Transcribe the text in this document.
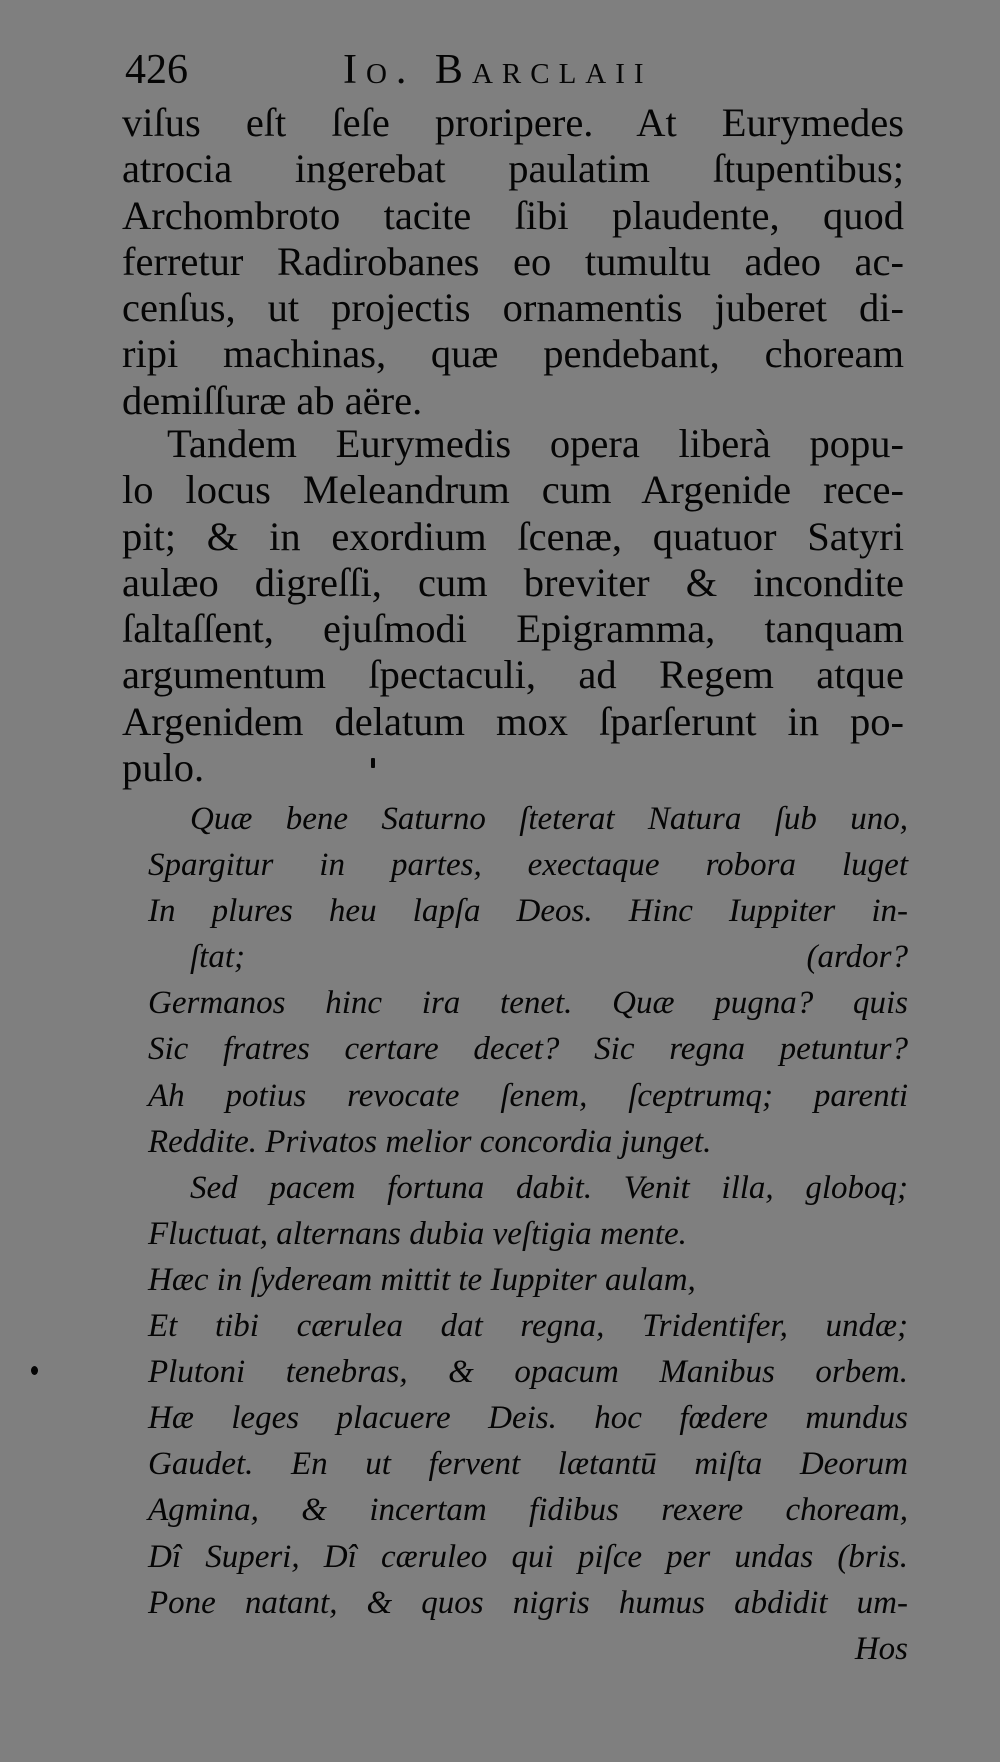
426	Io. Barclaii
viſus eſt ſeſe proripere. At Eurymedes
atrocia ingerebat paulatim ſtupentibus;
Archombroto tacite ſibi plaudente, quod
ferretur Radirobanes eo tumultu adeo ac-
cenſus, ut projectis ornamentis juberet di-
ripi machinas, quæ pendebant, choream
demiſſuræ ab aëre.
Tandem Eurymedis opera liberà popu-
lo locus Meleandrum cum Argenide rece-
pit; & in exordium ſcenæ, quatuor Satyri
aulæo digreſſi, cum breviter & incondite
ſaltaſſent, ejuſmodi Epigramma, tanquam
argumentum ſpectaculi, ad Regem atque
Argenidem delatum mox ſparſerunt in po-
pulo.
Quæ bene Saturno ſteterat Natura ſub uno,
Spargitur in partes, exectaque robora luget
In plures heu lapſa Deos. Hinc Iuppiter in-
ſtat;	(ardor?
Germanos hinc ira tenet. Quæ pugna? quis
Sic fratres certare decet? Sic regna petuntur?
Ah potius revocate ſenem, ſceptrumq; parenti
Reddite. Privatos melior concordia junget.
Sed pacem fortuna dabit. Venit illa, globoq;
Fluctuat, alternans dubia veſtigia mente.
Hæc in ſydeream mittit te Iuppiter aulam,
Et tibi cærulea dat regna, Tridentifer, undæ;
Plutoni tenebras, & opacum Manibus orbem.
Hæ leges placuere Deis. hoc fœdere mundus
Gaudet. En ut fervent lætantū miſta Deorum
Agmina, & incertam fidibus rexere choream,
Dî Superi, Dî cæruleo qui piſce per undas (bris.
Pone natant, & quos nigris humus abdidit um-
Hos
